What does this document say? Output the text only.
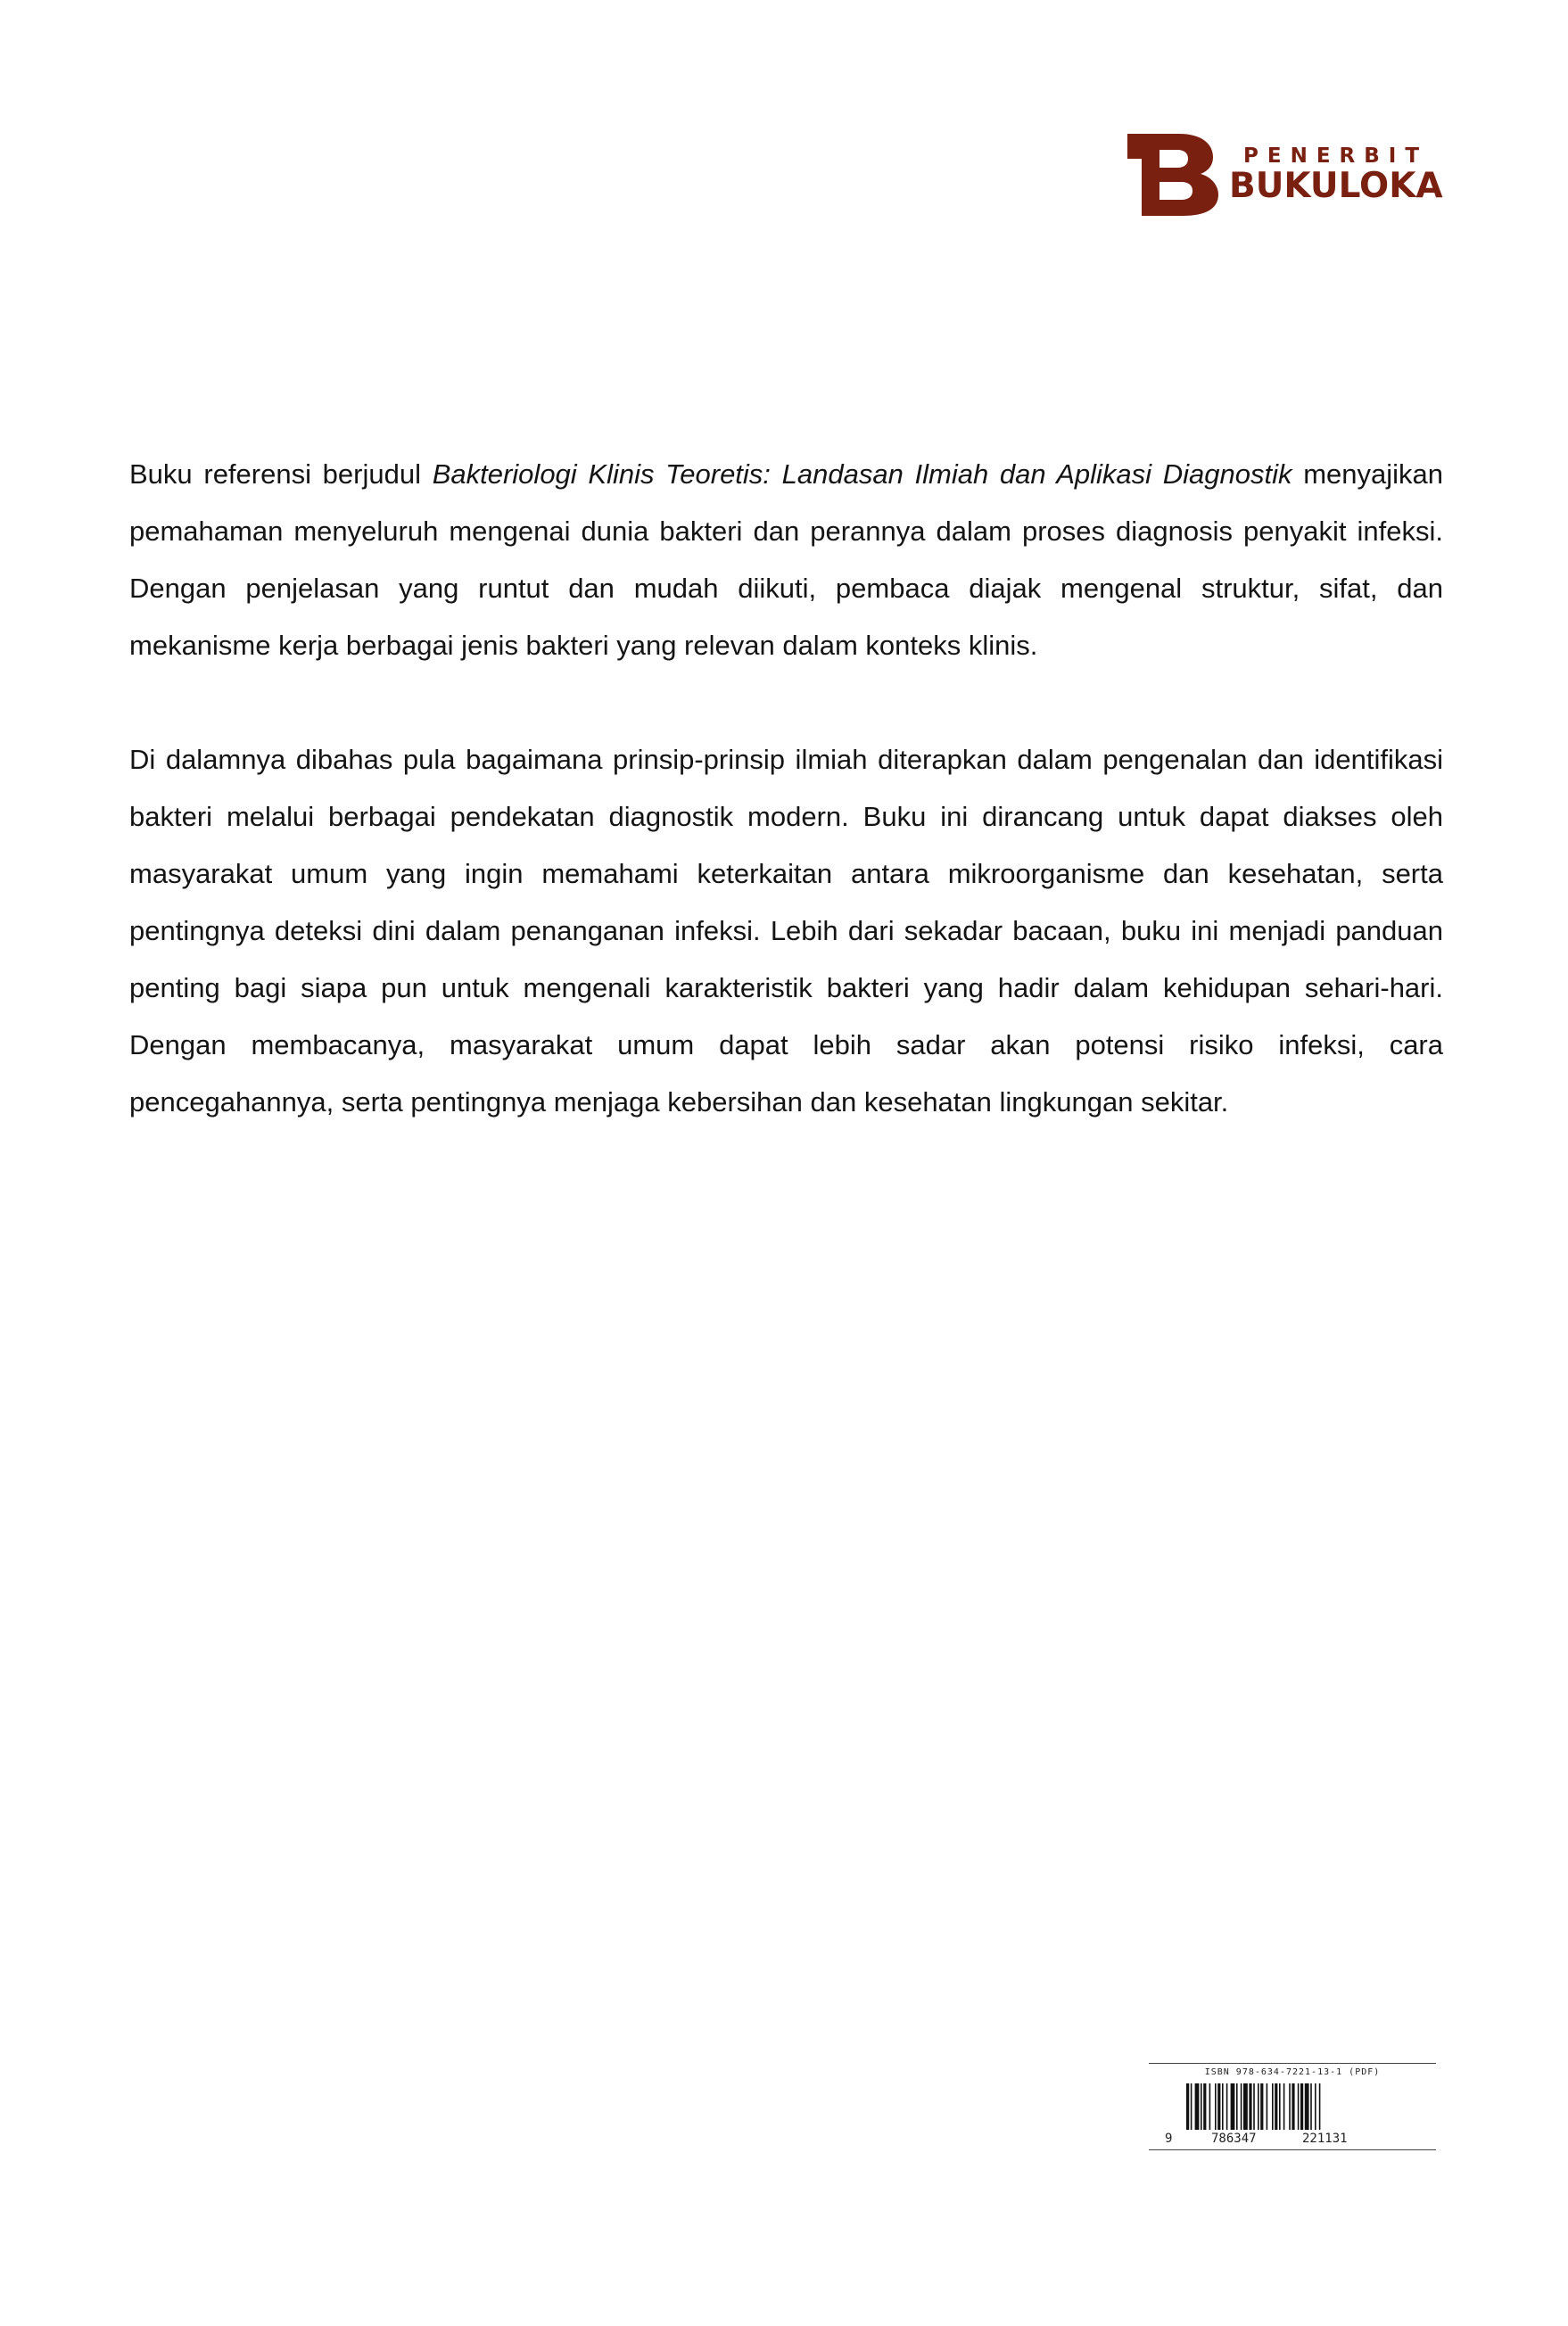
PENERBIT
BUKULOKA

Buku referensi berjudul Bakteriologi Klinis Teoretis: Landasan Ilmiah dan Aplikasi Diagnostik menyajikan pemahaman menyeluruh mengenai dunia bakteri dan perannya dalam proses diagnosis penyakit infeksi. Dengan penjelasan yang runtut dan mudah diikuti, pembaca diajak mengenal struktur, sifat, dan mekanisme kerja berbagai jenis bakteri yang relevan dalam konteks klinis.

Di dalamnya dibahas pula bagaimana prinsip-prinsip ilmiah diterapkan dalam pengenalan dan identifikasi bakteri melalui berbagai pendekatan diagnostik modern. Buku ini dirancang untuk dapat diakses oleh masyarakat umum yang ingin memahami keterkaitan antara mikroorganisme dan kesehatan, serta pentingnya deteksi dini dalam penanganan infeksi. Lebih dari sekadar bacaan, buku ini menjadi panduan penting bagi siapa pun untuk mengenali karakteristik bakteri yang hadir dalam kehidupan sehari-hari. Dengan membacanya, masyarakat umum dapat lebih sadar akan potensi risiko infeksi, cara pencegahannya, serta pentingnya menjaga kebersihan dan kesehatan lingkungan sekitar.

ISBN 978-634-7221-13-1 (PDF)
9	786347	221131
